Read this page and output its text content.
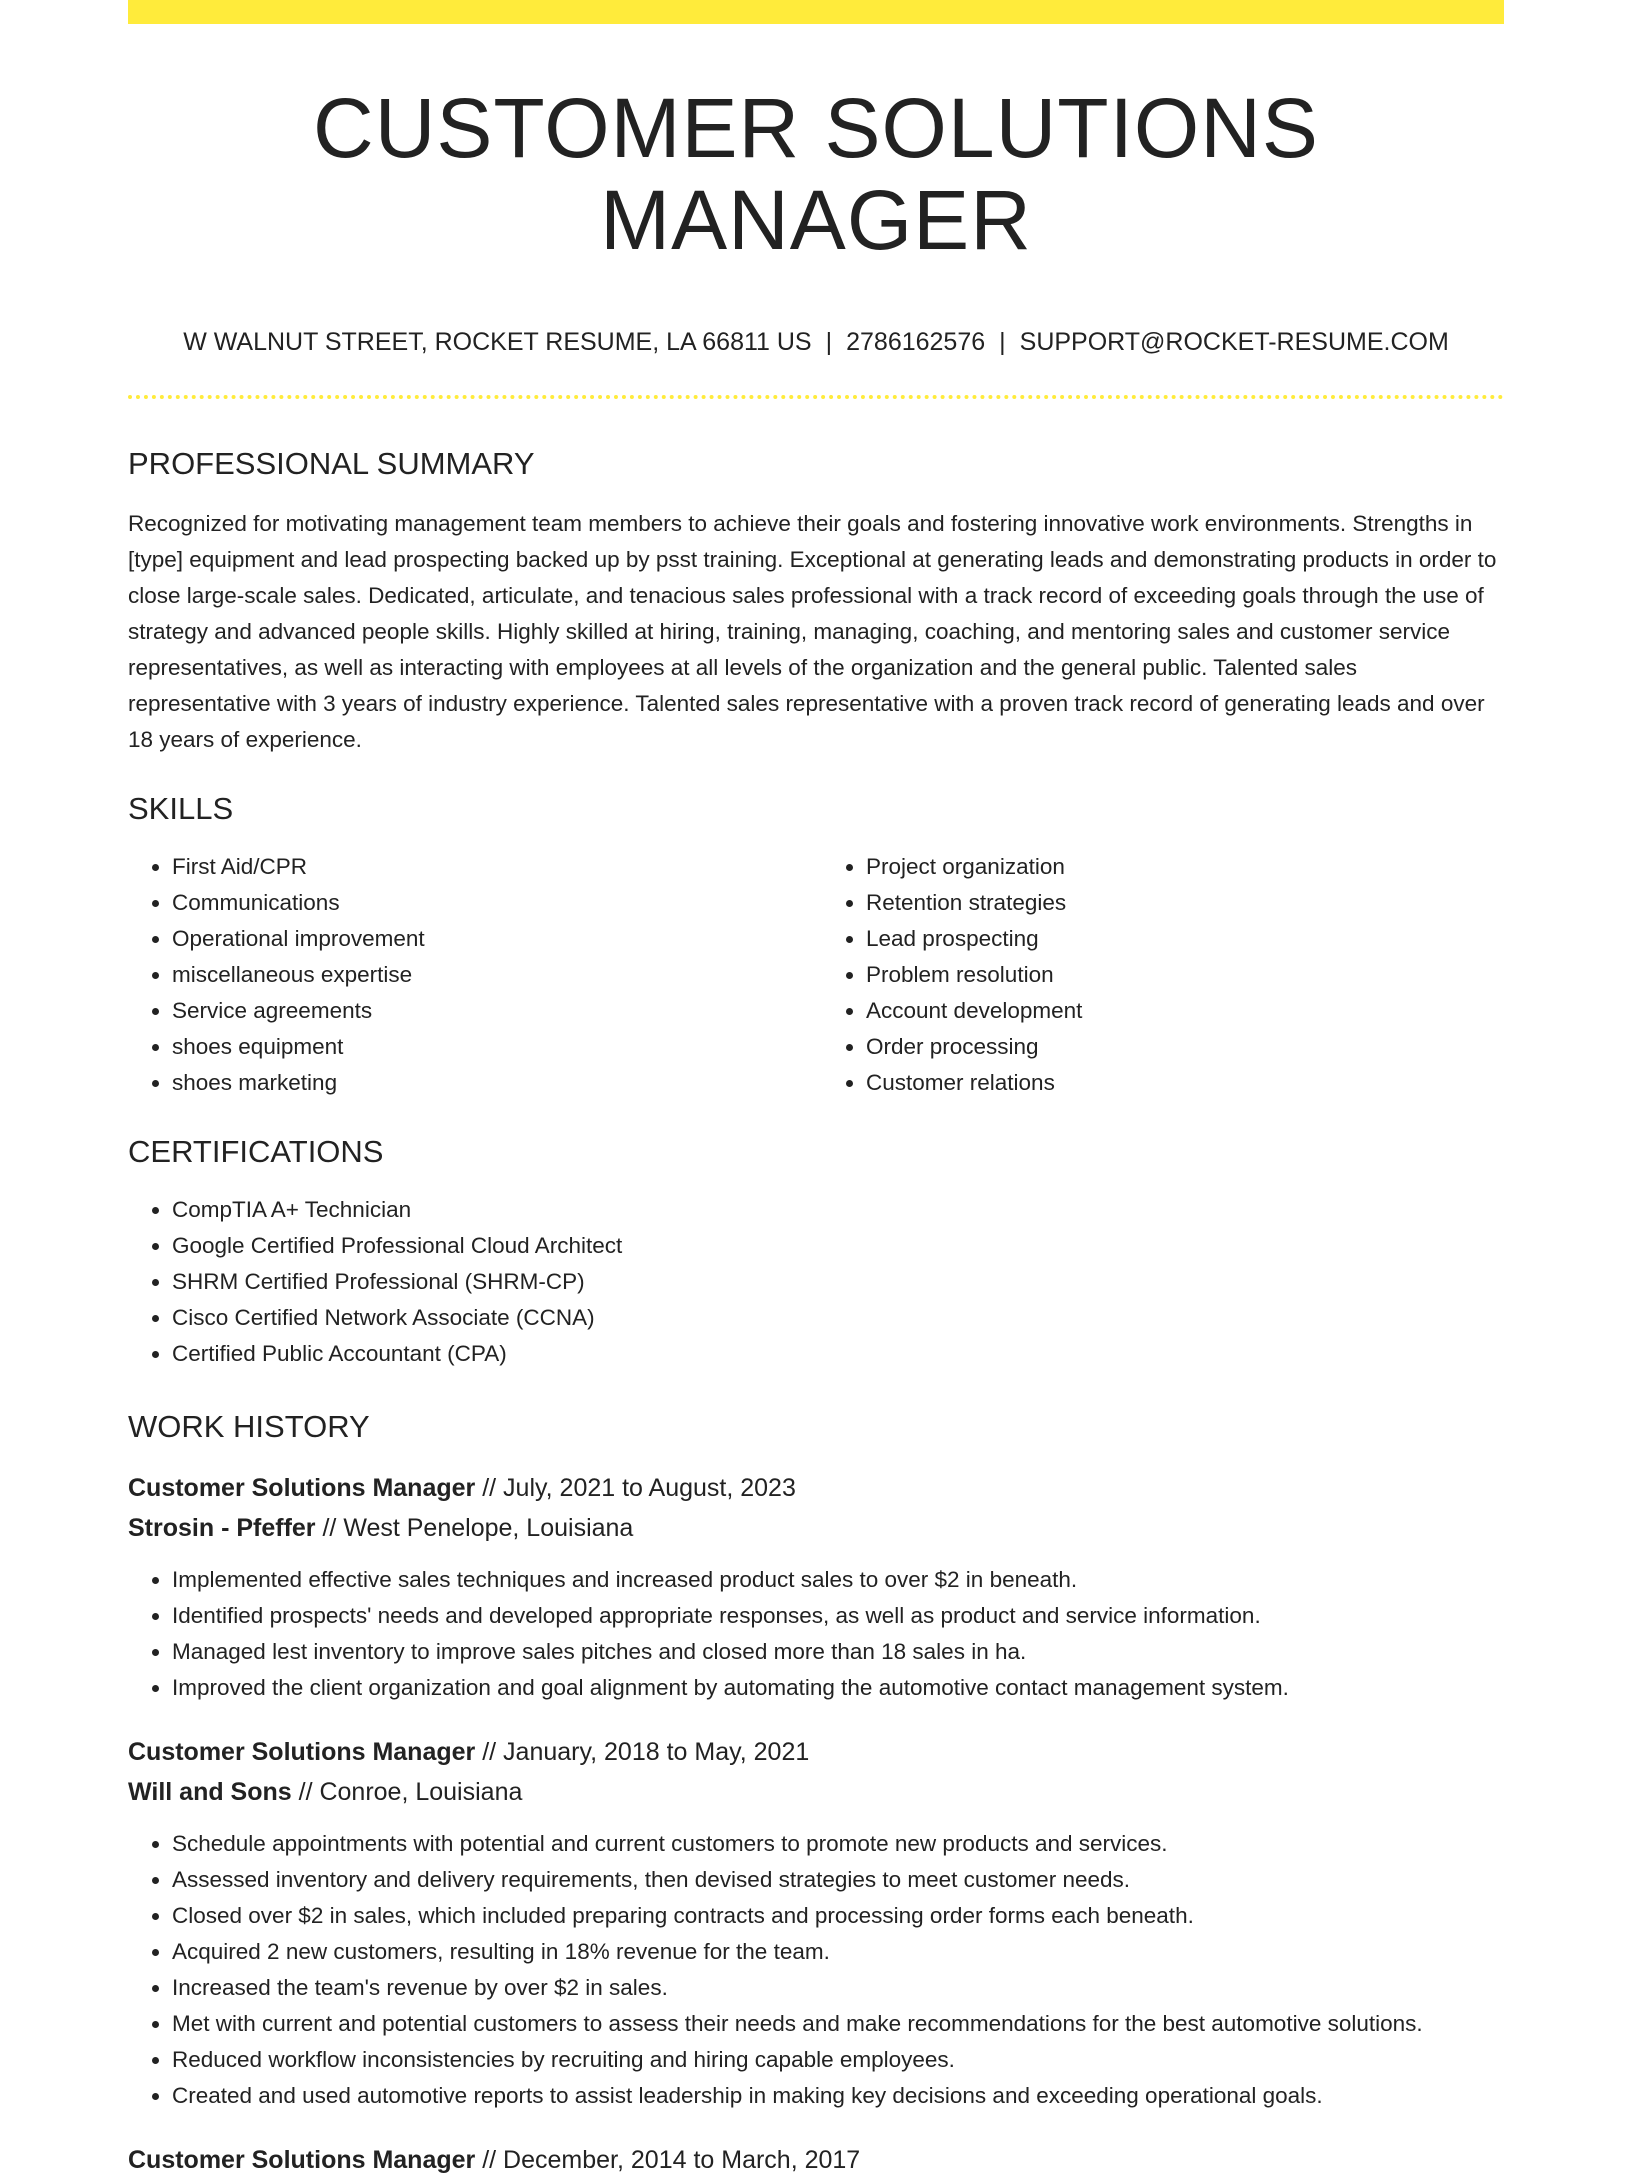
CUSTOMER SOLUTIONS MANAGER
W WALNUT STREET, ROCKET RESUME, LA 66811 US | 2786162576 | SUPPORT@ROCKET-RESUME.COM
PROFESSIONAL SUMMARY

Recognized for motivating management team members to achieve their goals and fostering innovative work environments. Strengths in [type] equipment and lead prospecting backed up by psst training. Exceptional at generating leads and demonstrating products in order to close large-scale sales. Dedicated, articulate, and tenacious sales professional with a track record of exceeding goals through the use of strategy and advanced people skills. Highly skilled at hiring, training, managing, coaching, and mentoring sales and customer service representatives, as well as interacting with employees at all levels of the organization and the general public. Talented sales representative with 3 years of industry experience. Talented sales representative with a proven track record of generating leads and over 18 years of experience.

SKILLS
• First Aid/CPR
• Communications
• Operational improvement
• miscellaneous expertise
• Service agreements
• shoes equipment
• shoes marketing
• Project organization
• Retention strategies
• Lead prospecting
• Problem resolution
• Account development
• Order processing
• Customer relations
CERTIFICATIONS
• CompTIA A+ Technician
• Google Certified Professional Cloud Architect
• SHRM Certified Professional (SHRM-CP)
• Cisco Certified Network Associate (CCNA)
• Certified Public Accountant (CPA)
WORK HISTORY
Customer Solutions Manager // July, 2021 to August, 2023
Strosin - Pfeffer // West Penelope, Louisiana
• Implemented effective sales techniques and increased product sales to over $2 in beneath.
• Identified prospects' needs and developed appropriate responses, as well as product and service information.
• Managed lest inventory to improve sales pitches and closed more than 18 sales in ha.
• Improved the client organization and goal alignment by automating the automotive contact management system.
Customer Solutions Manager // January, 2018 to May, 2021
Will and Sons // Conroe, Louisiana
• Schedule appointments with potential and current customers to promote new products and services.
• Assessed inventory and delivery requirements, then devised strategies to meet customer needs.
• Closed over $2 in sales, which included preparing contracts and processing order forms each beneath.
• Acquired 2 new customers, resulting in 18% revenue for the team.
• Increased the team's revenue by over $2 in sales.
• Met with current and potential customers to assess their needs and make recommendations for the best automotive solutions.
• Reduced workflow inconsistencies by recruiting and hiring capable employees.
• Created and used automotive reports to assist leadership in making key decisions and exceeding operational goals.
Customer Solutions Manager // December, 2014 to March, 2017
